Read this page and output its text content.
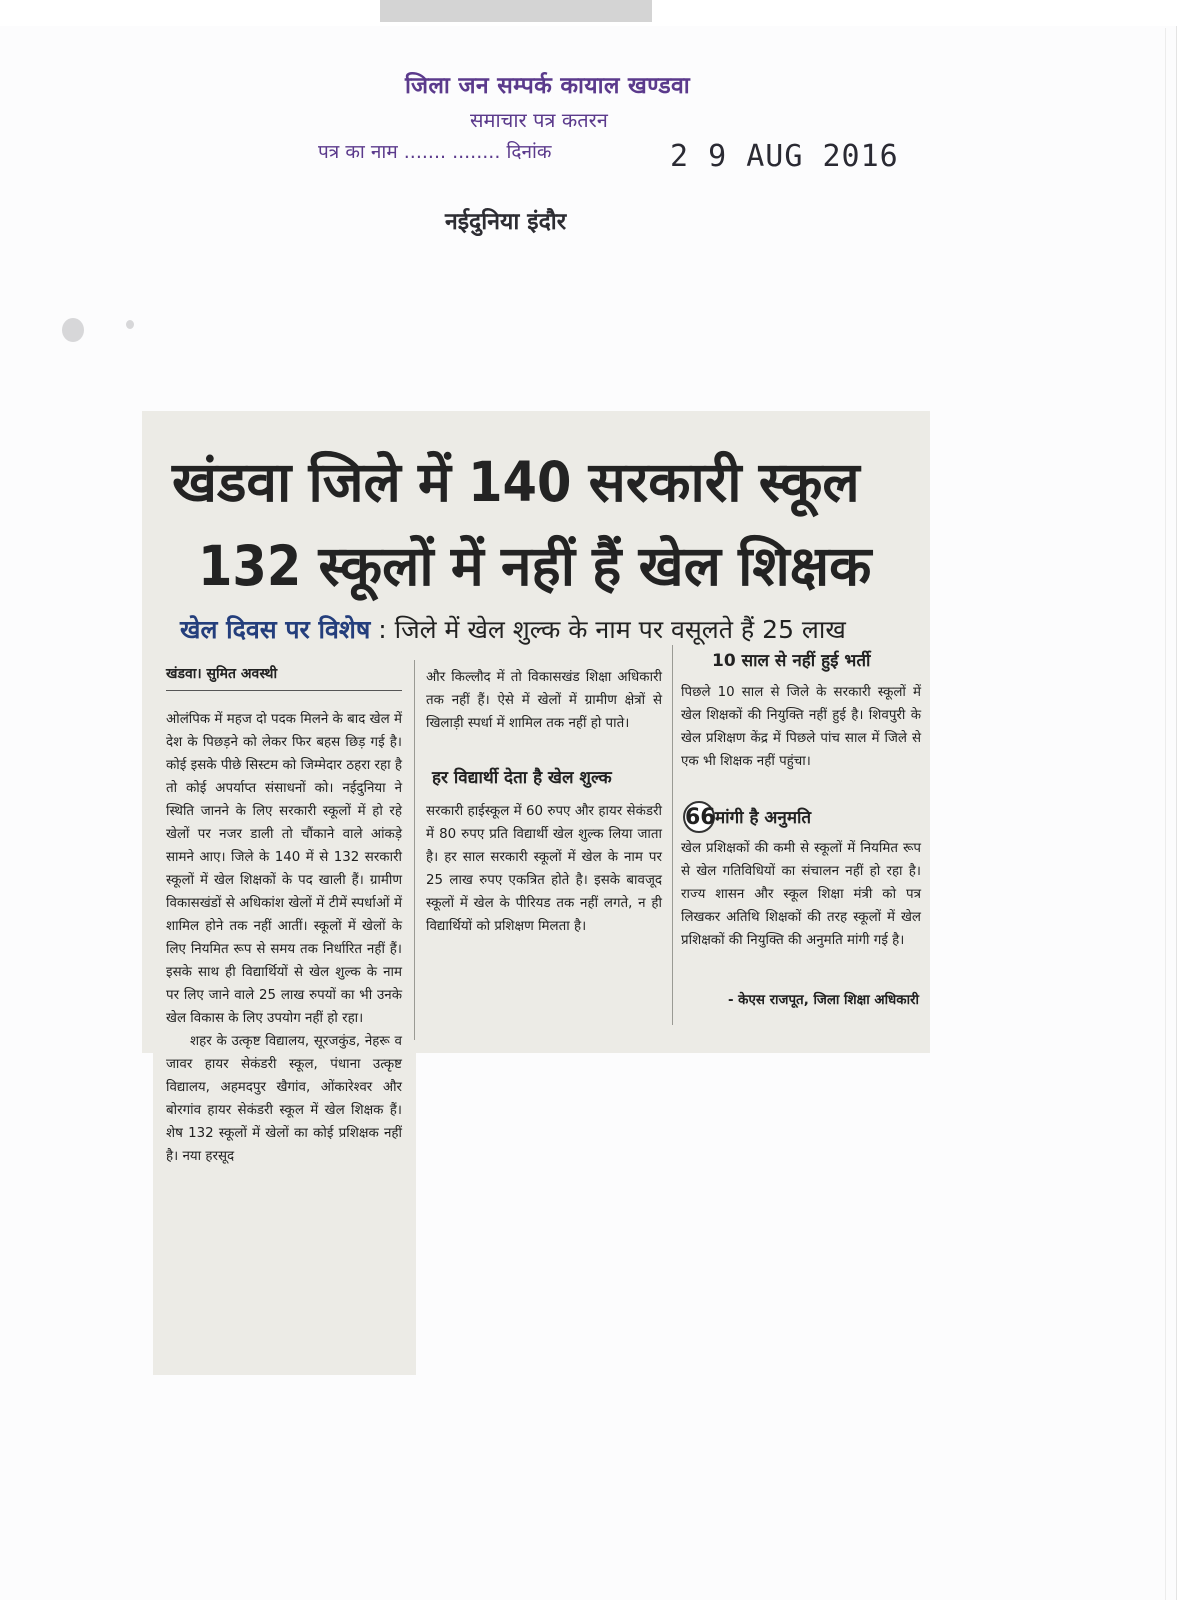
जिला जन सम्पर्क कायाल खण्डवा
समाचार पत्र कतरन
पत्र का नाम ....... ........ दिनांक	2 9 AUG 2016
नईदुनिया इंदौर
खंडवा जिले में 140 सरकारी स्कूल
132 स्कूलों में नहीं हैं खेल शिक्षक
खेल दिवस पर विशेष : जिले में खेल शुल्क के नाम पर वसूलते हैं 25 लाख
खंडवा। सुमित अवस्थी

ओलंपिक में महज दो पदक मिलने के बाद खेल में देश के पिछड़ने को लेकर फिर बहस छिड़ गई है। कोई इसके पीछे सिस्टम को जिम्मेदार ठहरा रहा है तो कोई अपर्याप्त संसाधनों को। नईदुनिया ने स्थिति जानने के लिए सरकारी स्कूलों में हो रहे खेलों पर नजर डाली तो चौंकाने वाले आंकड़े सामने आए। जिले के 140 में से 132 सरकारी स्कूलों में खेल शिक्षकों के पद खाली हैं। ग्रामीण विकासखंडों से अधिकांश खेलों में टीमें स्पर्धाओं में शामिल होने तक नहीं आतीं। स्कूलों में खेलों के लिए नियमित रूप से समय तक निर्धारित नहीं हैं। इसके साथ ही विद्यार्थियों से खेल शुल्क के नाम पर लिए जाने वाले 25 लाख रुपयों का भी उनके खेल विकास के लिए उपयोग नहीं हो रहा।

शहर के उत्कृष्ट विद्यालय, सूरजकुंड, नेहरू व जावर हायर सेकंडरी स्कूल, पंधाना उत्कृष्ट विद्यालय, अहमदपुर खैगांव, ओंकारेश्वर और बोरगांव हायर सेकंडरी स्कूल में खेल शिक्षक हैं। शेष 132 स्कूलों में खेलों का कोई प्रशिक्षक नहीं है। नया हरसूद

और किल्लौद में तो विकासखंड शिक्षा अधिकारी तक नहीं हैं। ऐसे में खेलों में ग्रामीण क्षेत्रों से खिलाड़ी स्पर्धा में शामिल तक नहीं हो पाते।

हर विद्यार्थी देता है खेल शुल्क

सरकारी हाईस्कूल में 60 रुपए और हायर सेकंडरी में 80 रुपए प्रति विद्यार्थी खेल शुल्क लिया जाता है। हर साल सरकारी स्कूलों में खेल के नाम पर 25 लाख रुपए एकत्रित होते है। इसके बावजूद स्कूलों में खेल के पीरियड तक नहीं लगते, न ही विद्यार्थियों को प्रशिक्षण मिलता है।

10 साल से नहीं हुई भर्ती

पिछले 10 साल से जिले के सरकारी स्कूलों में खेल शिक्षकों की नियुक्ति नहीं हुई है। शिवपुरी के खेल प्रशिक्षण केंद्र में पिछले पांच साल में जिले से एक भी शिक्षक नहीं पहुंचा।

66 मांगी है अनुमति

खेल प्रशिक्षकों की कमी से स्कूलों में नियमित रूप से खेल गतिविधियों का संचालन नहीं हो रहा है। राज्य शासन और स्कूल शिक्षा मंत्री को पत्र लिखकर अतिथि शिक्षकों की तरह स्कूलों में खेल प्रशिक्षकों की नियुक्ति की अनुमति मांगी गई है।

- केएस राजपूत, जिला शिक्षा अधिकारी
